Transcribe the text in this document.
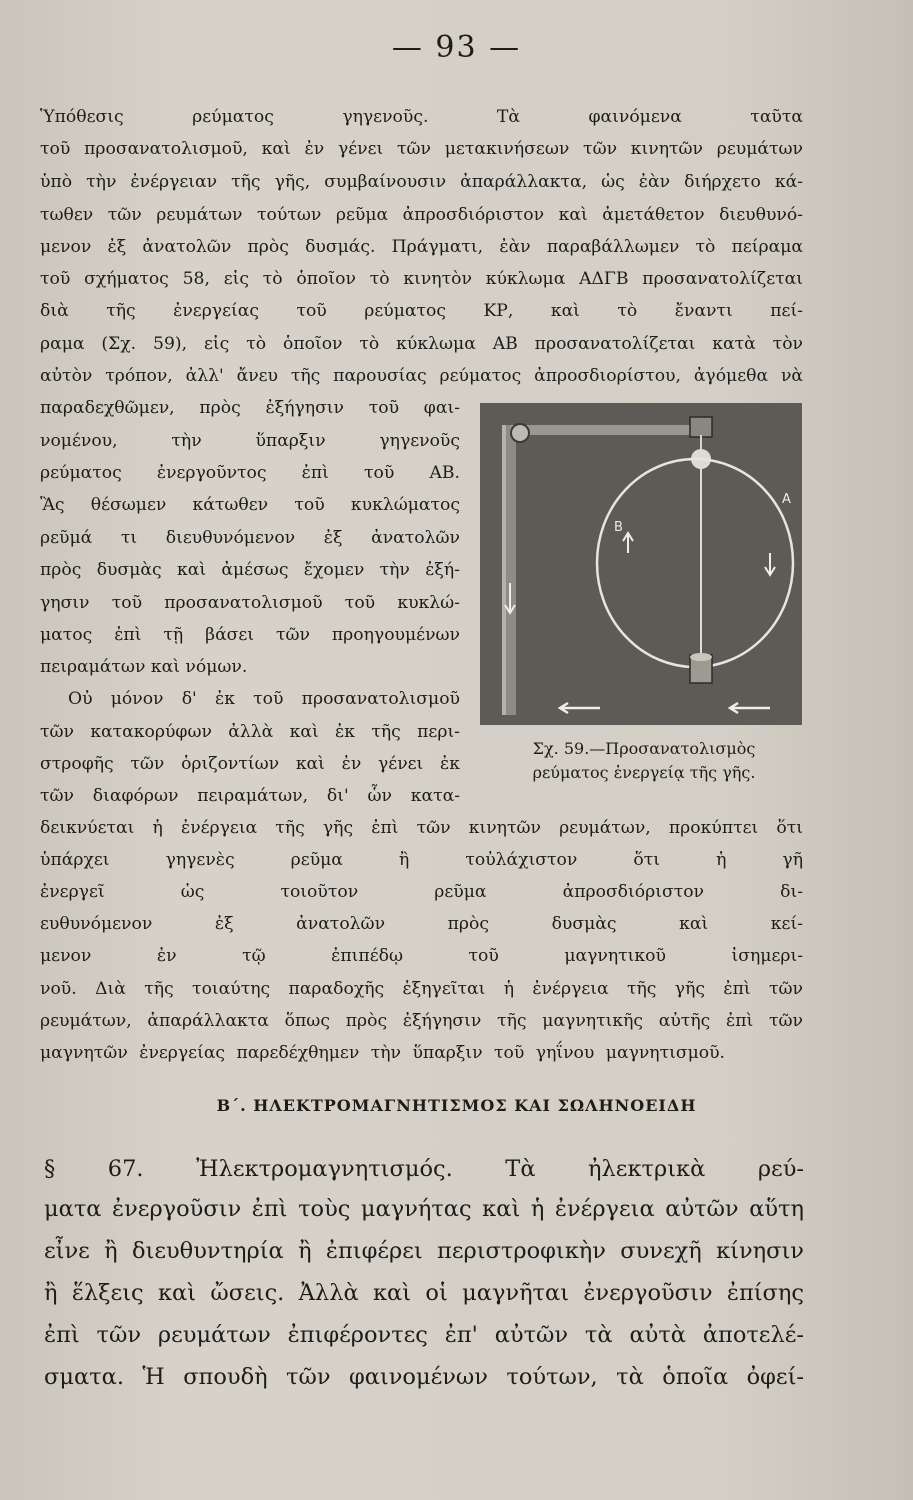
— 93 —
Ὑπόθεσις ρεύματος γηγενοῦς. Τὰ φαινόμενα ταῦτα
τοῦ προσανατολισμοῦ, καὶ ἐν γένει τῶν μετακινήσεων τῶν κινητῶν ρευμάτων
ὑπὸ τὴν ἐνέργειαν τῆς γῆς, συμβαίνουσιν ἀπαράλλακτα, ὡς ἐὰν διήρχετο κά-
τωθεν τῶν ρευμάτων τούτων ρεῦμα ἀπροσδιόριστον καὶ ἀμετάθετον διευθυνό-
μενον ἐξ ἀνατολῶν πρὸς δυσμάς. Πράγματι, ἐὰν παραβάλλωμεν τὸ πείραμα
τοῦ σχήματος 58, εἰς τὸ ὁποῖον τὸ κινητὸν κύκλωμα ΑΔΓΒ προσανατολίζεται
διὰ τῆς ἐνεργείας τοῦ ρεύματος ΚΡ, καὶ τὸ ἔναντι πεί-
ραμα (Σχ. 59), εἰς τὸ ὁποῖον τὸ κύκλωμα ΑΒ προσανατολίζεται κατὰ τὸν
αὐτὸν τρόπον, ἀλλ' ἄνευ τῆς παρουσίας ρεύματος ἀπροσδιορίστου, ἀγόμεθα νὰ
παραδεχθῶμεν, πρὸς ἐξήγησιν τοῦ φαι-
νομένου, τὴν ὕπαρξιν γηγενοῦς
ρεύματος ἐνεργοῦντος ἐπὶ τοῦ ΑΒ.
Ἂς θέσωμεν κάτωθεν τοῦ κυκλώματος
ρεῦμά τι διευθυνόμενον ἐξ ἀνατολῶν
πρὸς δυσμὰς καὶ ἀμέσως ἔχομεν τὴν ἐξή-
γησιν τοῦ προσανατολισμοῦ τοῦ κυκλώ-
ματος ἐπὶ τῇ βάσει τῶν προηγουμένων
πειραμάτων καὶ νόμων.
Οὐ μόνον δ' ἐκ τοῦ προσανατολισμοῦ
τῶν κατακορύφων ἀλλὰ καὶ ἐκ τῆς περι-
στροφῆς τῶν ὁριζοντίων καὶ ἐν γένει ἐκ
τῶν διαφόρων πειραμάτων, δι' ὧν κατα-
Β
Α
Σχ. 59.—Προσανατολισμὸς
ρεύματος ἐνεργείᾳ τῆς γῆς.
δεικνύεται ἡ ἐνέργεια τῆς γῆς ἐπὶ τῶν κινητῶν ρευμάτων, προκύπτει ὅτι
ὑπάρχει γηγενὲς ρεῦμα ἢ τοὐλάχιστον ὅτι ἡ γῆ
ἐνεργεῖ ὡς τοιοῦτον ρεῦμα ἀπροσδιόριστον δι-
ευθυνόμενον ἐξ ἀνατολῶν πρὸς δυσμὰς καὶ κεί-
μενον ἐν τῷ ἐπιπέδῳ τοῦ μαγνητικοῦ ἰσημερι-
νοῦ. Διὰ τῆς τοιαύτης παραδοχῆς ἐξηγεῖται ἡ ἐνέργεια τῆς γῆς ἐπὶ τῶν
ρευμάτων, ἀπαράλλακτα ὅπως πρὸς ἐξήγησιν τῆς μαγνητικῆς αὐτῆς ἐπὶ τῶν
μαγνητῶν ἐνεργείας παρεδέχθημεν τὴν ὕπαρξιν τοῦ γηΐνου μαγνητισμοῦ.
Β΄. ΗΛΕΚΤΡΟΜΑΓΝΗΤΙΣΜΟΣ ΚΑΙ ΣΩΛΗΝΟΕΙΔΗ
§ 67. Ἠλεκτρομαγνητισμός. Τὰ ἠλεκτρικὰ ρεύ-
ματα ἐνεργοῦσιν ἐπὶ τοὺς μαγνήτας καὶ ἡ ἐνέργεια αὐτῶν αὕτη
εἶνε ἢ διευθυντηρία ἢ ἐπιφέρει περιστροφικὴν συνεχῆ κίνησιν
ἢ ἕλξεις καὶ ὤσεις. Ἀλλὰ καὶ οἱ μαγνῆται ἐνεργοῦσιν ἐπίσης
ἐπὶ τῶν ρευμάτων ἐπιφέροντες ἐπ' αὐτῶν τὰ αὐτὰ ἀποτελέ-
σματα. Ἡ σπουδὴ τῶν φαινομένων τούτων, τὰ ὁποῖα ὀφεί-
